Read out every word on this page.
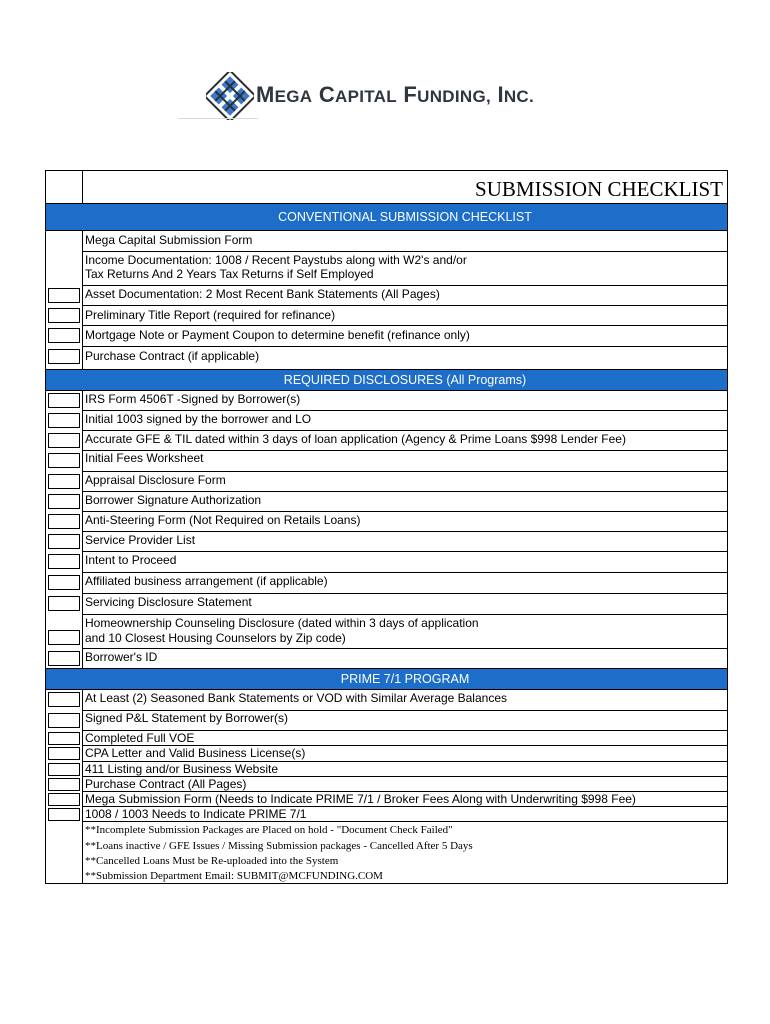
MEGA CAPITAL FUNDING, INC.
SUBMISSION CHECKLIST
CONVENTIONAL SUBMISSION CHECKLIST
Mega Capital Submission Form
Income Documentation: 1008 / Recent Paystubs along with W2's and/or
Tax Returns And 2 Years Tax Returns if Self Employed
Asset Documentation: 2 Most Recent Bank Statements (All Pages)
Preliminary Title Report (required for refinance)
Mortgage Note or Payment Coupon to determine benefit (refinance only)
Purchase Contract (if applicable)
REQUIRED DISCLOSURES (All Programs)
IRS Form 4506T -Signed by Borrower(s)
Initial 1003 signed by the borrower and LO
Accurate GFE & TIL dated within 3 days of loan application (Agency & Prime Loans $998 Lender Fee)
Initial Fees Worksheet
Appraisal Disclosure Form
Borrower Signature Authorization
Anti-Steering Form (Not Required on Retails Loans)
Service Provider List
Intent to Proceed
Affiliated business arrangement (if applicable)
Servicing Disclosure Statement
Homeownership Counseling Disclosure (dated within 3 days of application
and 10 Closest Housing Counselors by Zip code)
Borrower's ID
PRIME 7/1 PROGRAM
At Least (2) Seasoned Bank Statements or VOD with Similar Average Balances
Signed P&L Statement by Borrower(s)
Completed Full VOE
CPA Letter and Valid Business License(s)
411 Listing and/or Business Website
Purchase Contract (All Pages)
Mega Submission Form (Needs to Indicate PRIME 7/1 / Broker Fees Along with Underwriting $998 Fee)
1008 / 1003 Needs to Indicate PRIME 7/1
**Incomplete Submission Packages are Placed on hold - "Document Check Failed"
**Loans inactive / GFE Issues / Missing Submission packages - Cancelled After 5 Days
**Cancelled Loans Must be Re-uploaded into the System
**Submission Department Email: SUBMIT@MCFUNDING.COM
